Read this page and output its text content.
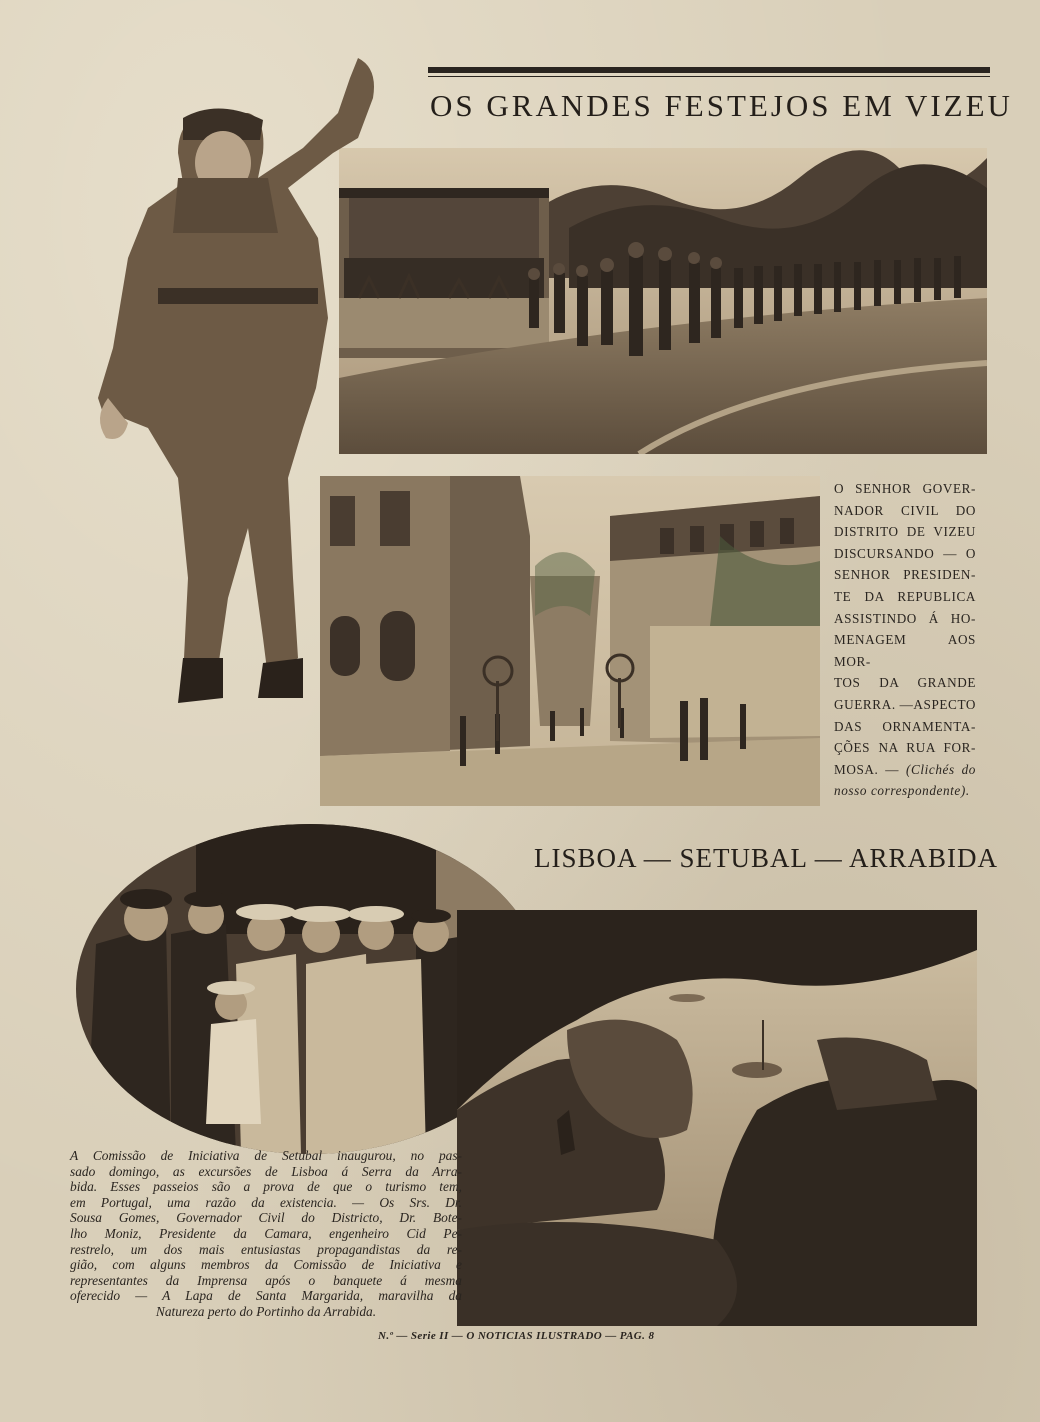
OS GRANDES FESTEJOS EM VIZEU

O SENHOR GOVER-
NADOR CIVIL DO
DISTRITO DE VIZEU
DISCURSANDO — O
SENHOR PRESIDEN-
TE DA REPUBLICA
ASSISTINDO Á HO-
MENAGEM AOS MOR-
TOS DA GRANDE
GUERRA. —ASPECTO
DAS ORNAMENTA-
ÇÕES NA RUA FOR-
MOSA. — (Clichés do
nosso correspondente).

LISBOA — SETUBAL — ARRABIDA

A Comissão de Iniciativa de Setubal inaugurou, no pas-
sado domingo, as excursões de Lisboa á Serra da Arra-
bida. Esses passeios são a prova de que o turismo tem,
em Portugal, uma razão da existencia. — Os Srs. Dr.
Sousa Gomes, Governador Civil do Districto, Dr. Bote-
lho Moniz, Presidente da Camara, engenheiro Cid Pe-
restrelo, um dos mais entusiastas propagandistas da re-
gião, com alguns membros da Comissão de Iniciativa e
representantes da Imprensa após o banquete á mesma
oferecido — A Lapa de Santa Margarida, maravilha da
Natureza perto do Portinho da Arrabida.

N.º — Serie II — O NOTICIAS ILUSTRADO — PAG. 8
